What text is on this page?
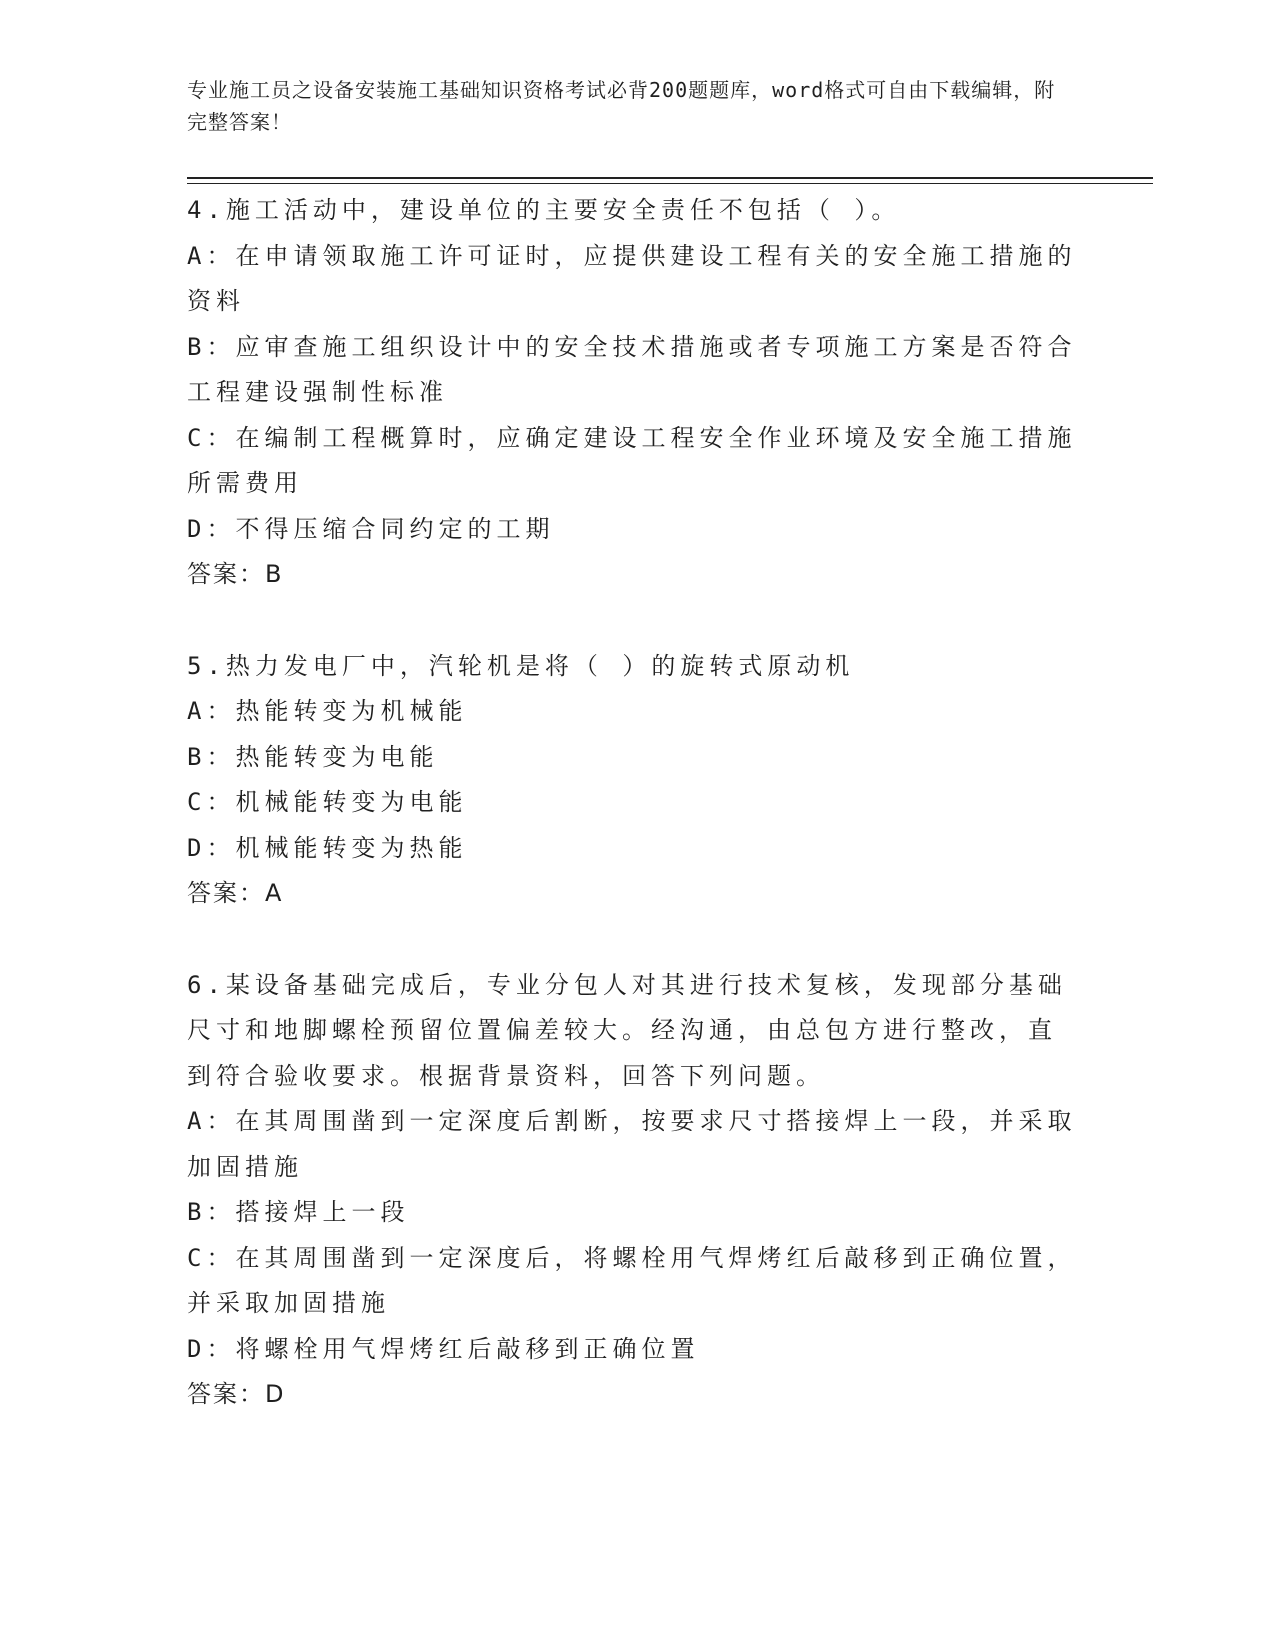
专业施工员之设备安装施工基础知识资格考试必背200题题库，word格式可自由下载编辑，附完整答案！
4.施工活动中，建设单位的主要安全责任不包括（ ）。
A：在申请领取施工许可证时，应提供建设工程有关的安全施工措施的
资料
B：应审查施工组织设计中的安全技术措施或者专项施工方案是否符合
工程建设强制性标准
C：在编制工程概算时，应确定建设工程安全作业环境及安全施工措施
所需费用
D：不得压缩合同约定的工期
答案：B
5.热力发电厂中，汽轮机是将（ ）的旋转式原动机
A：热能转变为机械能
B：热能转变为电能
C：机械能转变为电能
D：机械能转变为热能
答案：A
6.某设备基础完成后，专业分包人对其进行技术复核，发现部分基础
尺寸和地脚螺栓预留位置偏差较大。经沟通，由总包方进行整改，直
到符合验收要求。根据背景资料，回答下列问题。
A：在其周围凿到一定深度后割断，按要求尺寸搭接焊上一段，并采取
加固措施
B：搭接焊上一段
C：在其周围凿到一定深度后，将螺栓用气焊烤红后敲移到正确位置，
并采取加固措施
D：将螺栓用气焊烤红后敲移到正确位置
答案：D
